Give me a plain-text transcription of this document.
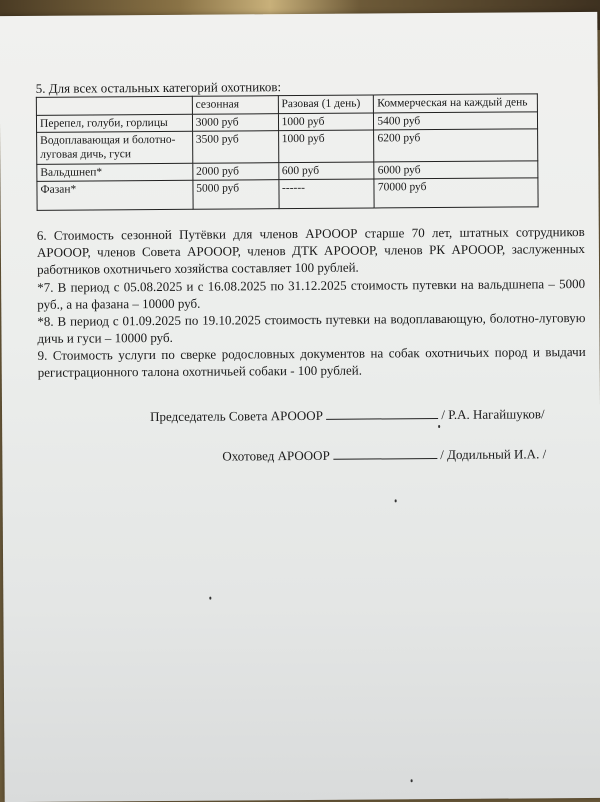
5. Для всех остальных категорий охотников:

	сезонная	Разовая (1 день)	Коммерческая на каждый день
Перепел, голуби, горлицы	3000 руб	1000 руб	5400 руб
Водоплавающая и болотно-луговая дичь, гуси	3500 руб	1000 руб	6200 руб
Вальдшнеп*	2000 руб	600 руб	6000 руб
Фазан*	5000 руб	------	70000 руб

6. Стоимость сезонной Путёвки для членов АРОООР старше 70 лет, штатных сотрудников АРОООР, членов Совета АРОООР, членов ДТК АРОООР, членов РК АРОООР, заслуженных работников охотничьего хозяйства составляет 100 рублей.

*7. В период с 05.08.2025 и с 16.08.2025 по 31.12.2025 стоимость путевки на вальдшнепа – 5000 руб., а на фазана – 10000 руб.

*8. В период с 01.09.2025 по 19.10.2025 стоимость путевки на водоплавающую, болотно-луговую дичь и гуси – 10000 руб.

9. Стоимость услуги по сверке родословных документов на собак охотничьих пород и выдачи регистрационного талона охотничьей собаки - 100 рублей.

Председатель Совета АРОООР	/ Р.А. Нагайшуков/
Охотовед АРОООР	/ Додильный И.А. /
